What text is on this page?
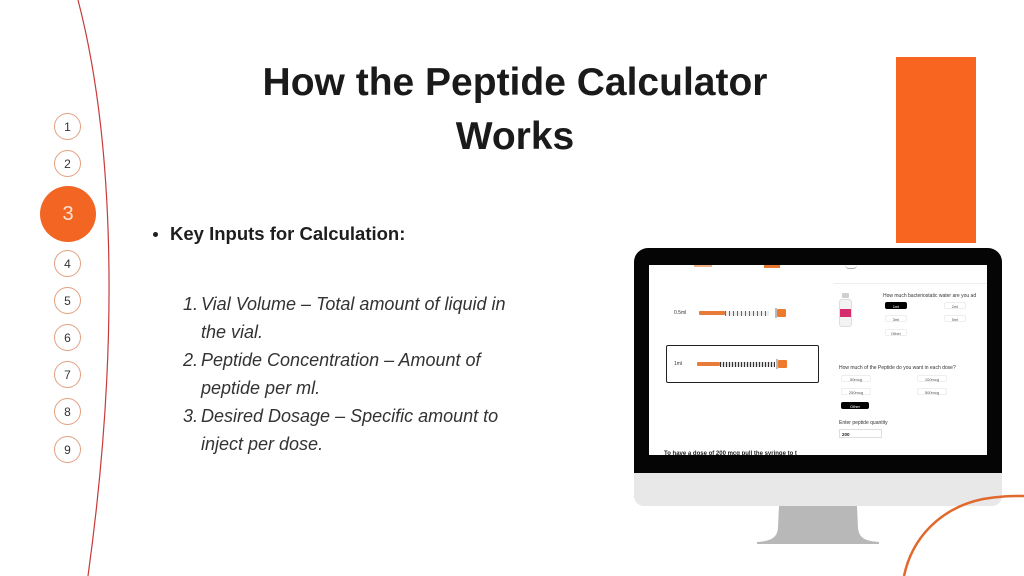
1
2
3
4
5
6
7
8
9
How the Peptide Calculator
Works
Key Inputs for Calculation:
1. Vial Volume – Total amount of liquid in
the vial.
2. Peptide Concentration – Amount of
peptide per ml.
3. Desired Dosage – Specific amount to
inject per dose.
0.5ml
1ml
How much bacteriostatic water are you ad
1ml	2ml
3ml	5ml
Other
How much of the Peptide do you want in each dose?
50mcg	100mcg
250mcg	500mcg
Other
Enter peptide quantity
200
To have a dose of 200 mcg pull the syringe to t
